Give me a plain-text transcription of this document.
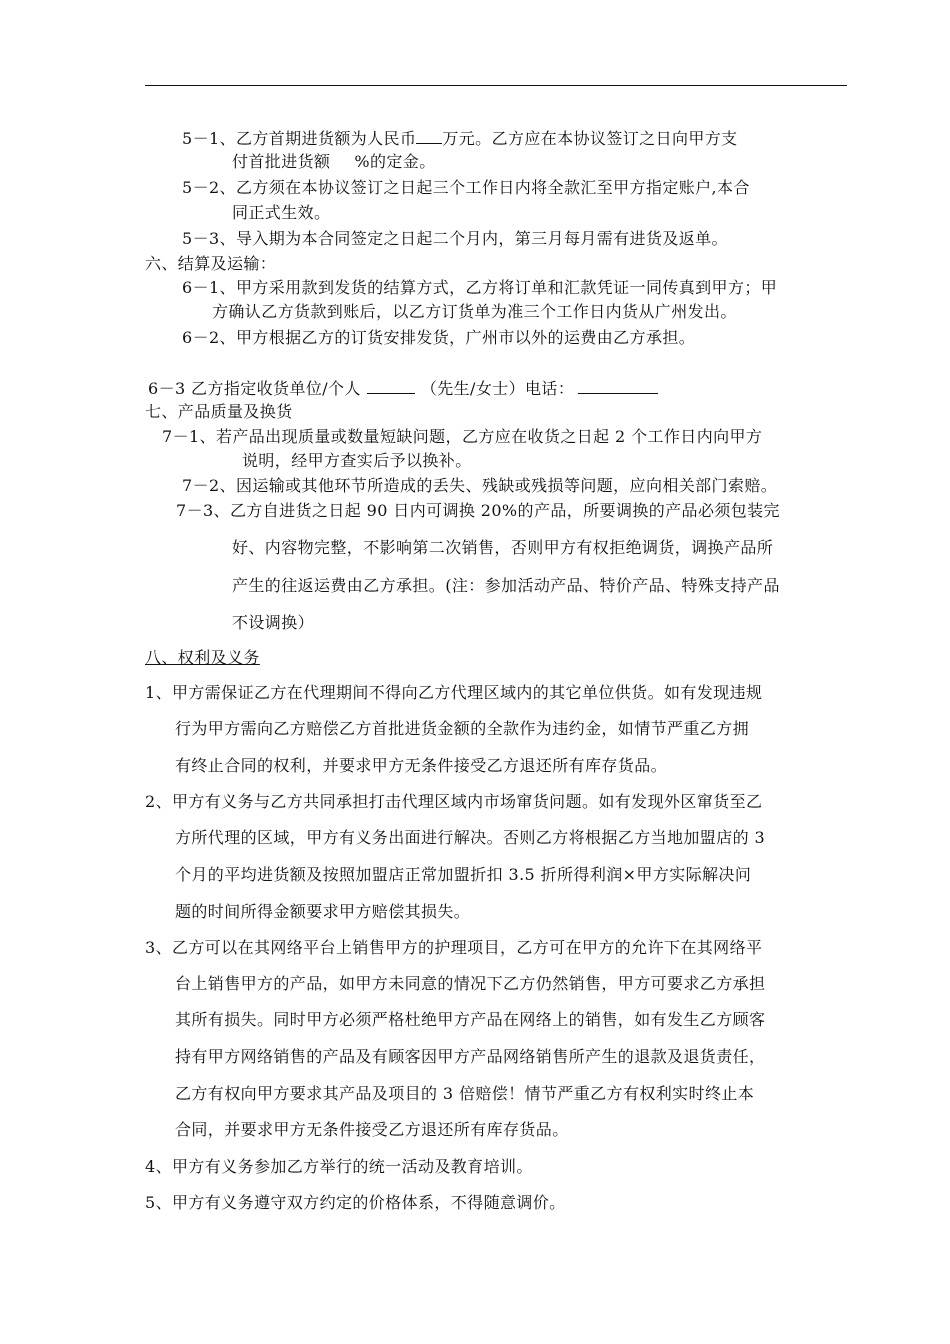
5－1、乙方首期进货额为人民币 万元。乙方应在本协议签订之日向甲方支
付首批进货额 %的定金。
5－2、乙方须在本协议签订之日起三个工作日内将全款汇至甲方指定账户,本合
同正式生效。
5－3、导入期为本合同签定之日起二个月内，第三月每月需有进货及返单。
六、结算及运输：
6－1、甲方采用款到发货的结算方式，乙方将订单和汇款凭证一同传真到甲方；甲
方确认乙方货款到账后，以乙方订货单为准三个工作日内货从广州发出。
6－2、甲方根据乙方的订货安排发货，广州市以外的运费由乙方承担。
6－3 乙方指定收货单位/个人	（先生/女士）电话：
七、产品质量及换货
7－1、若产品出现质量或数量短缺问题，乙方应在收货之日起 2 个工作日内向甲方
说明，经甲方查实后予以换补。
7－2、因运输或其他环节所造成的丢失、残缺或残损等问题，应向相关部门索赔。
7－3、乙方自进货之日起 90 日内可调换 20%的产品，所要调换的产品必须包装完
好、内容物完整，不影响第二次销售，否则甲方有权拒绝调货，调换产品所
产生的往返运费由乙方承担。(注：参加活动产品、特价产品、特殊支持产品
不设调换）
八、权利及义务
1、甲方需保证乙方在代理期间不得向乙方代理区域内的其它单位供货。如有发现违规
行为甲方需向乙方赔偿乙方首批进货金额的全款作为违约金，如情节严重乙方拥
有终止合同的权利，并要求甲方无条件接受乙方退还所有库存货品。
2、甲方有义务与乙方共同承担打击代理区域内市场窜货问题。如有发现外区窜货至乙
方所代理的区域，甲方有义务出面进行解决。否则乙方将根据乙方当地加盟店的 3
个月的平均进货额及按照加盟店正常加盟折扣 3.5 折所得利润×甲方实际解决问
题的时间所得金额要求甲方赔偿其损失。
3、乙方可以在其网络平台上销售甲方的护理项目，乙方可在甲方的允许下在其网络平
台上销售甲方的产品，如甲方未同意的情况下乙方仍然销售，甲方可要求乙方承担
其所有损失。同时甲方必须严格杜绝甲方产品在网络上的销售，如有发生乙方顾客
持有甲方网络销售的产品及有顾客因甲方产品网络销售所产生的退款及退货责任，
乙方有权向甲方要求其产品及项目的 3 倍赔偿！情节严重乙方有权利实时终止本
合同，并要求甲方无条件接受乙方退还所有库存货品。
4、甲方有义务参加乙方举行的统一活动及教育培训。
5、甲方有义务遵守双方约定的价格体系，不得随意调价。
